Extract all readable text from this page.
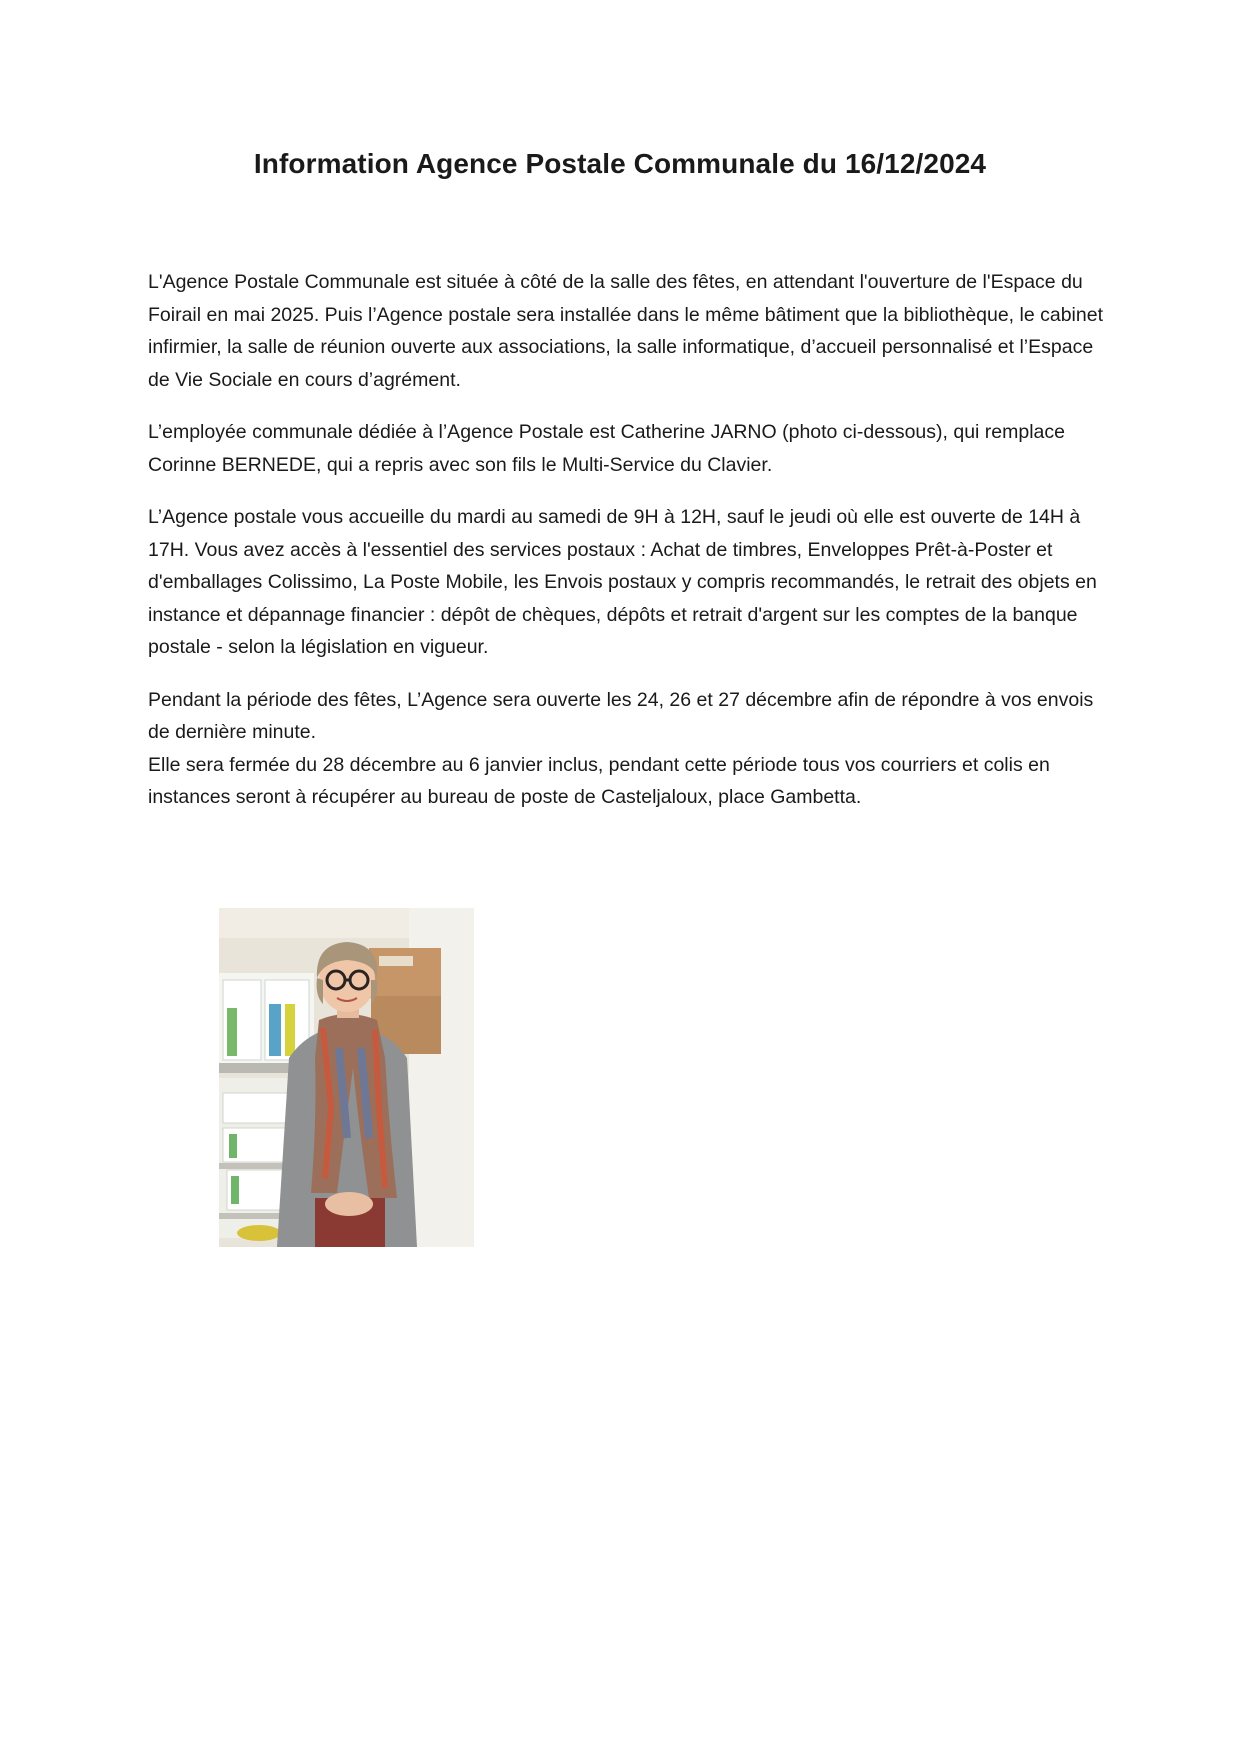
Information Agence Postale Communale du 16/12/2024

L'Agence Postale Communale est située à côté de la salle des fêtes, en attendant l'ouverture de l'Espace du Foirail en mai 2025. Puis l’Agence postale sera installée dans le même bâtiment que la bibliothèque, le cabinet infirmier, la salle de réunion ouverte aux associations, la salle informatique, d’accueil personnalisé et l’Espace de Vie Sociale en cours d’agrément.

L’employée communale dédiée à l’Agence Postale est Catherine JARNO (photo ci-dessous), qui remplace Corinne BERNEDE, qui a repris avec son fils le Multi-Service du Clavier.

L’Agence postale vous accueille du mardi au samedi de 9H à 12H, sauf le jeudi où elle est ouverte de 14H à 17H. Vous avez accès à l'essentiel des services postaux : Achat de timbres, Enveloppes Prêt-à-Poster et d'emballages Colissimo, La Poste Mobile, les Envois postaux y compris recommandés, le retrait des objets en instance et dépannage financier : dépôt de chèques, dépôts et retrait d'argent sur les comptes de la banque postale - selon la législation en vigueur.

Pendant la période des fêtes, L’Agence sera ouverte les 24, 26 et 27 décembre afin de répondre à vos envois de dernière minute.

Elle sera fermée du 28 décembre au 6 janvier inclus, pendant cette période tous vos courriers et colis en instances seront à récupérer au bureau de poste de Casteljaloux, place Gambetta.
